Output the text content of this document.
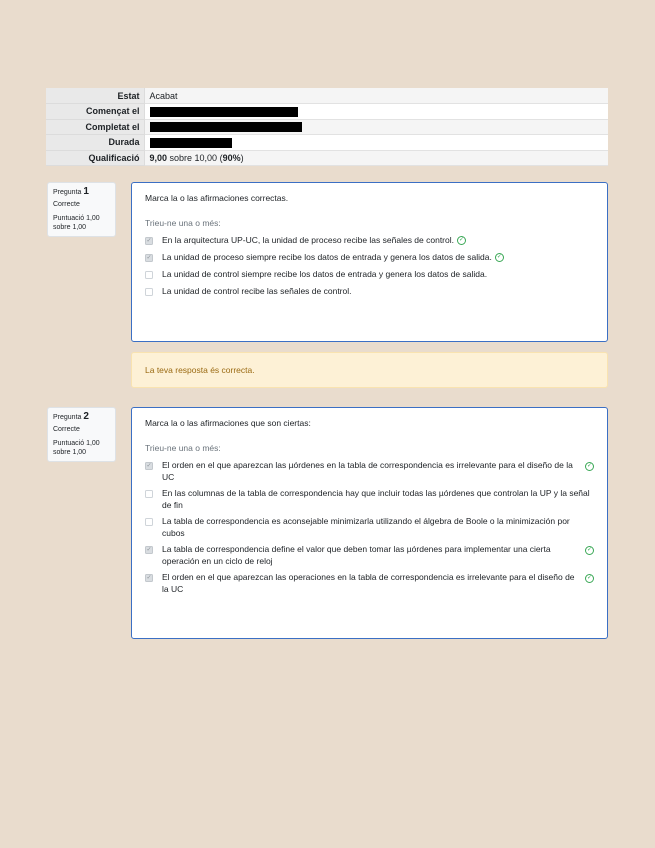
Estat	Acabat
Començat el	
Completat el	
Durada	
Qualificació	9,00 sobre 10,00 (90%)
Pregunta 1
Correcte
Puntuació 1,00 sobre 1,00
Marca la o las afirmaciones correctas.
Trieu-ne una o més:
✓ En la arquitectura UP-UC, la unidad de proceso recibe las señales de control. ✓
✓ La unidad de proceso siempre recibe los datos de entrada y genera los datos de salida. ✓
La unidad de control siempre recibe los datos de entrada y genera los datos de salida.
La unidad de control recibe las señales de control.
La teva resposta és correcta.
Pregunta 2
Correcte
Puntuació 1,00 sobre 1,00
Marca la o las afirmaciones que son ciertas:
Trieu-ne una o més:
✓ El orden en el que aparezcan las µórdenes en la tabla de correspondencia es irrelevante para el diseño de la UC
✓
En las columnas de la tabla de correspondencia hay que incluir todas las µórdenes que controlan la UP y la señal de fin
La tabla de correspondencia es aconsejable minimizarla utilizando el álgebra de Boole o la minimización por cubos
✓ La tabla de correspondencia define el valor que deben tomar las µórdenes para implementar una cierta operación en un ciclo de reloj
✓
✓ El orden en el que aparezcan las operaciones en la tabla de correspondencia es irrelevante para el diseño de la UC
✓
